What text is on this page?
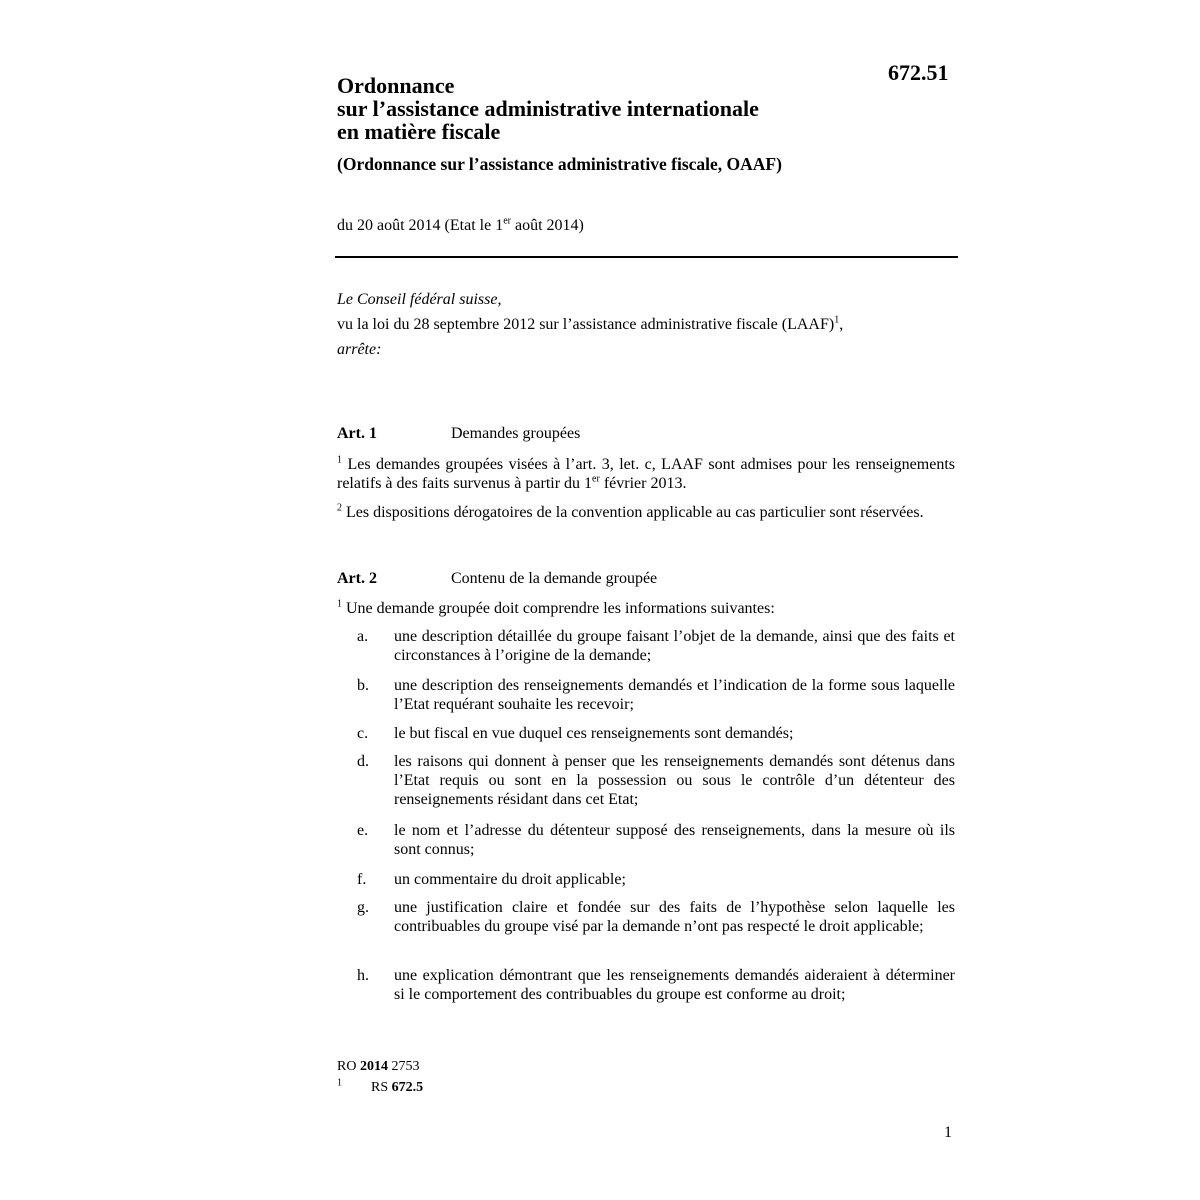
672.51
Ordonnance
sur l’assistance administrative internationale
en matière fiscale
(Ordonnance sur l’assistance administrative fiscale, OAAF)
du 20 août 2014 (Etat le 1er août 2014)
Le Conseil fédéral suisse,
vu la loi du 28 septembre 2012 sur l’assistance administrative fiscale (LAAF)$^1$,
arrête:
Art. 1	Demandes groupées
$^1$ Les demandes groupées visées à l’art. 3, let. c, LAAF sont admises pour les renseignements relatifs à des faits survenus à partir du 1er février 2013.
$^2$ Les dispositions dérogatoires de la convention applicable au cas particulier sont réservées.
Art. 2	Contenu de la demande groupée
$^1$ Une demande groupée doit comprendre les informations suivantes:
a.	une description détaillée du groupe faisant l’objet de la demande, ainsi que des faits et circonstances à l’origine de la demande;
b.	une description des renseignements demandés et l’indication de la forme sous laquelle l’Etat requérant souhaite les recevoir;
c.	le but fiscal en vue duquel ces renseignements sont demandés;
d.	les raisons qui donnent à penser que les renseignements demandés sont détenus dans l’Etat requis ou sont en la possession ou sous le contrôle d’un détenteur des renseignements résidant dans cet Etat;
e.	le nom et l’adresse du détenteur supposé des renseignements, dans la mesure où ils sont connus;
f.	un commentaire du droit applicable;
g.	une justification claire et fondée sur des faits de l’hypothèse selon laquelle les contribuables du groupe visé par la demande n’ont pas respecté le droit applicable;
h.	une explication démontrant que les renseignements demandés aideraient à déterminer si le comportement des contribuables du groupe est conforme au droit;
RO 2014 2753
$^1$ RS 672.5
1
